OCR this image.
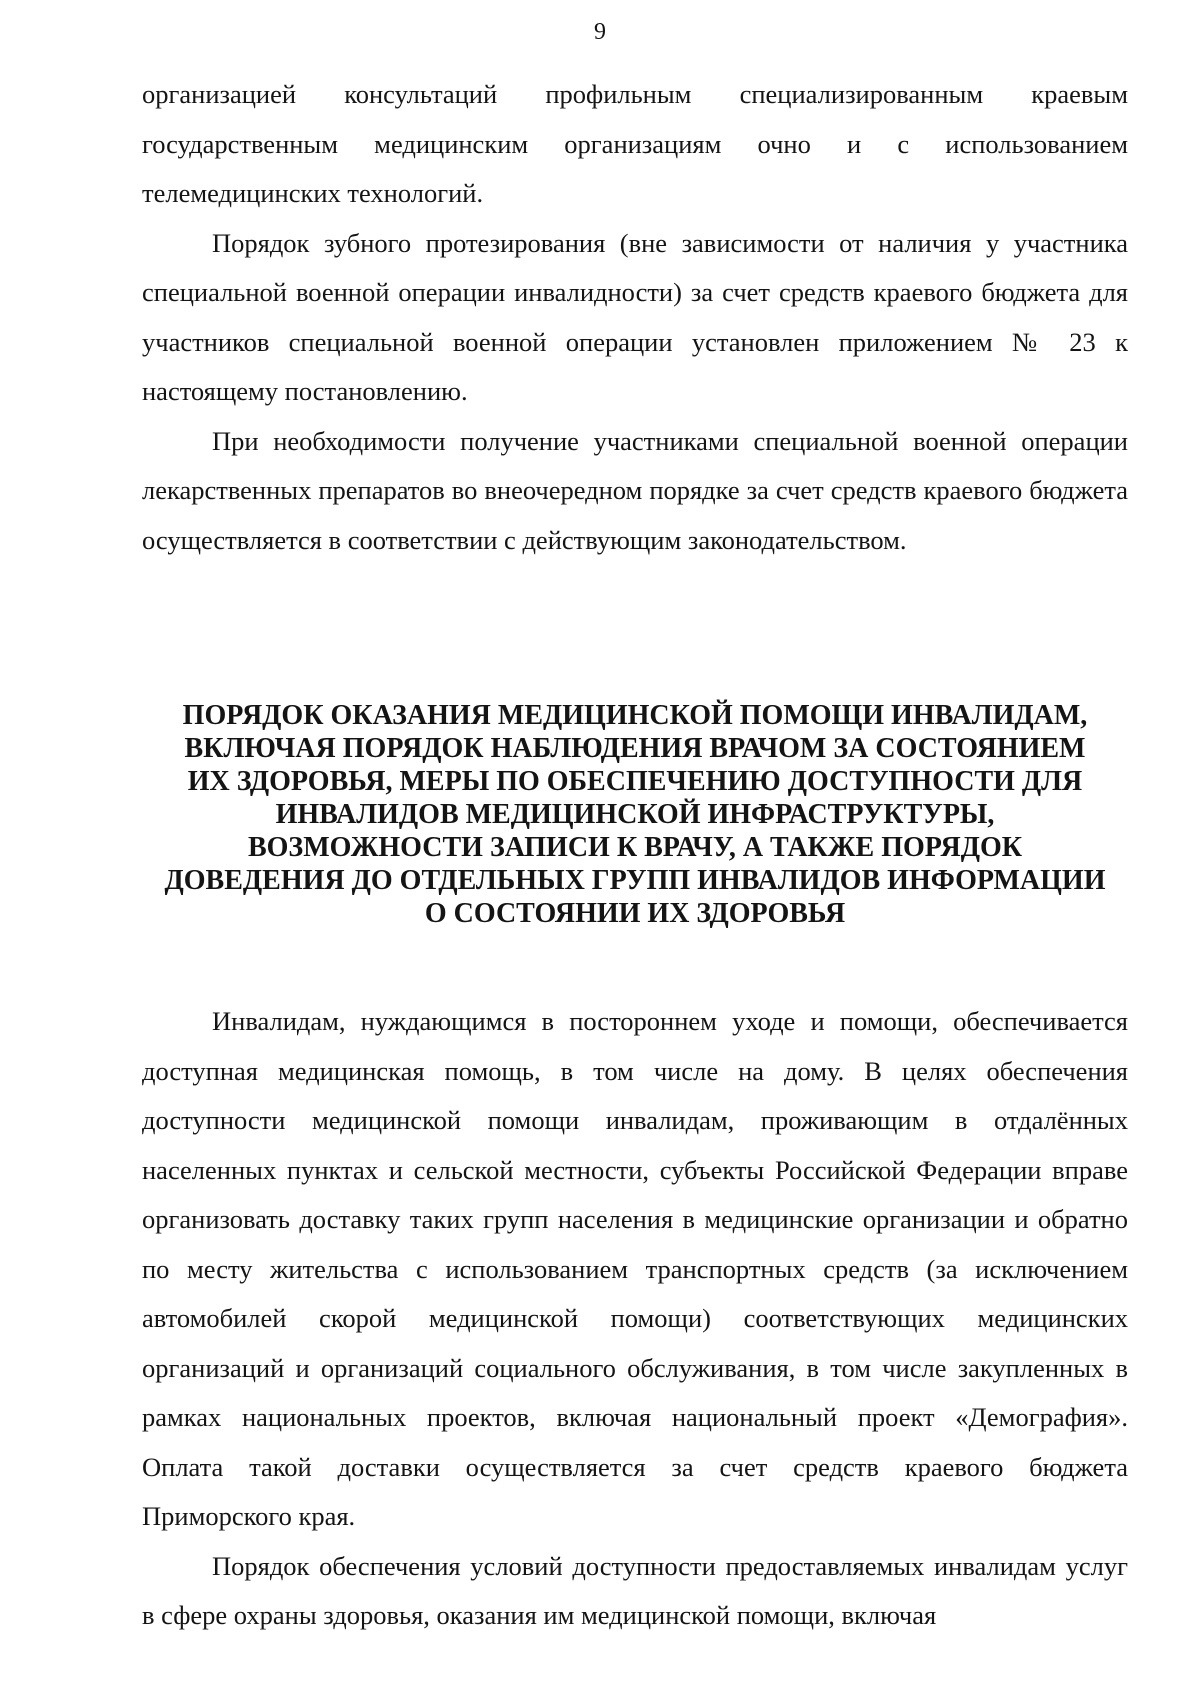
9

организацией консультаций профильным специализированным краевым государственным медицинским организациям очно и с использованием телемедицинских технологий.

Порядок зубного протезирования (вне зависимости от наличия у участника специальной военной операции инвалидности) за счет средств краевого бюджета для участников специальной военной операции установлен приложением № 23 к настоящему постановлению.

При необходимости получение участниками специальной военной операции лекарственных препаратов во внеочередном порядке за счет средств краевого бюджета осуществляется в соответствии с действующим законодательством.

ПОРЯДОК ОКАЗАНИЯ МЕДИЦИНСКОЙ ПОМОЩИ ИНВАЛИДАМ,
ВКЛЮЧАЯ ПОРЯДОК НАБЛЮДЕНИЯ ВРАЧОМ ЗА СОСТОЯНИЕМ
ИХ ЗДОРОВЬЯ, МЕРЫ ПО ОБЕСПЕЧЕНИЮ ДОСТУПНОСТИ ДЛЯ
ИНВАЛИДОВ МЕДИЦИНСКОЙ ИНФРАСТРУКТУРЫ,
ВОЗМОЖНОСТИ ЗАПИСИ К ВРАЧУ, А ТАКЖЕ ПОРЯДОК
ДОВЕДЕНИЯ ДО ОТДЕЛЬНЫХ ГРУПП ИНВАЛИДОВ ИНФОРМАЦИИ
О СОСТОЯНИИ ИХ ЗДОРОВЬЯ

Инвалидам, нуждающимся в постороннем уходе и помощи, обеспечивается доступная медицинская помощь, в том числе на дому. В целях обеспечения доступности медицинской помощи инвалидам, проживающим в отдалённых населенных пунктах и сельской местности, субъекты Российской Федерации вправе организовать доставку таких групп населения в медицинские организации и обратно по месту жительства с использованием транспортных средств (за исключением автомобилей скорой медицинской помощи) соответствующих медицинских организаций и организаций социального обслуживания, в том числе закупленных в рамках национальных проектов, включая национальный проект «Демография». Оплата такой доставки осуществляется за счет средств краевого бюджета Приморского края.

Порядок обеспечения условий доступности предоставляемых инвалидам услуг в сфере охраны здоровья, оказания им медицинской помощи, включая
